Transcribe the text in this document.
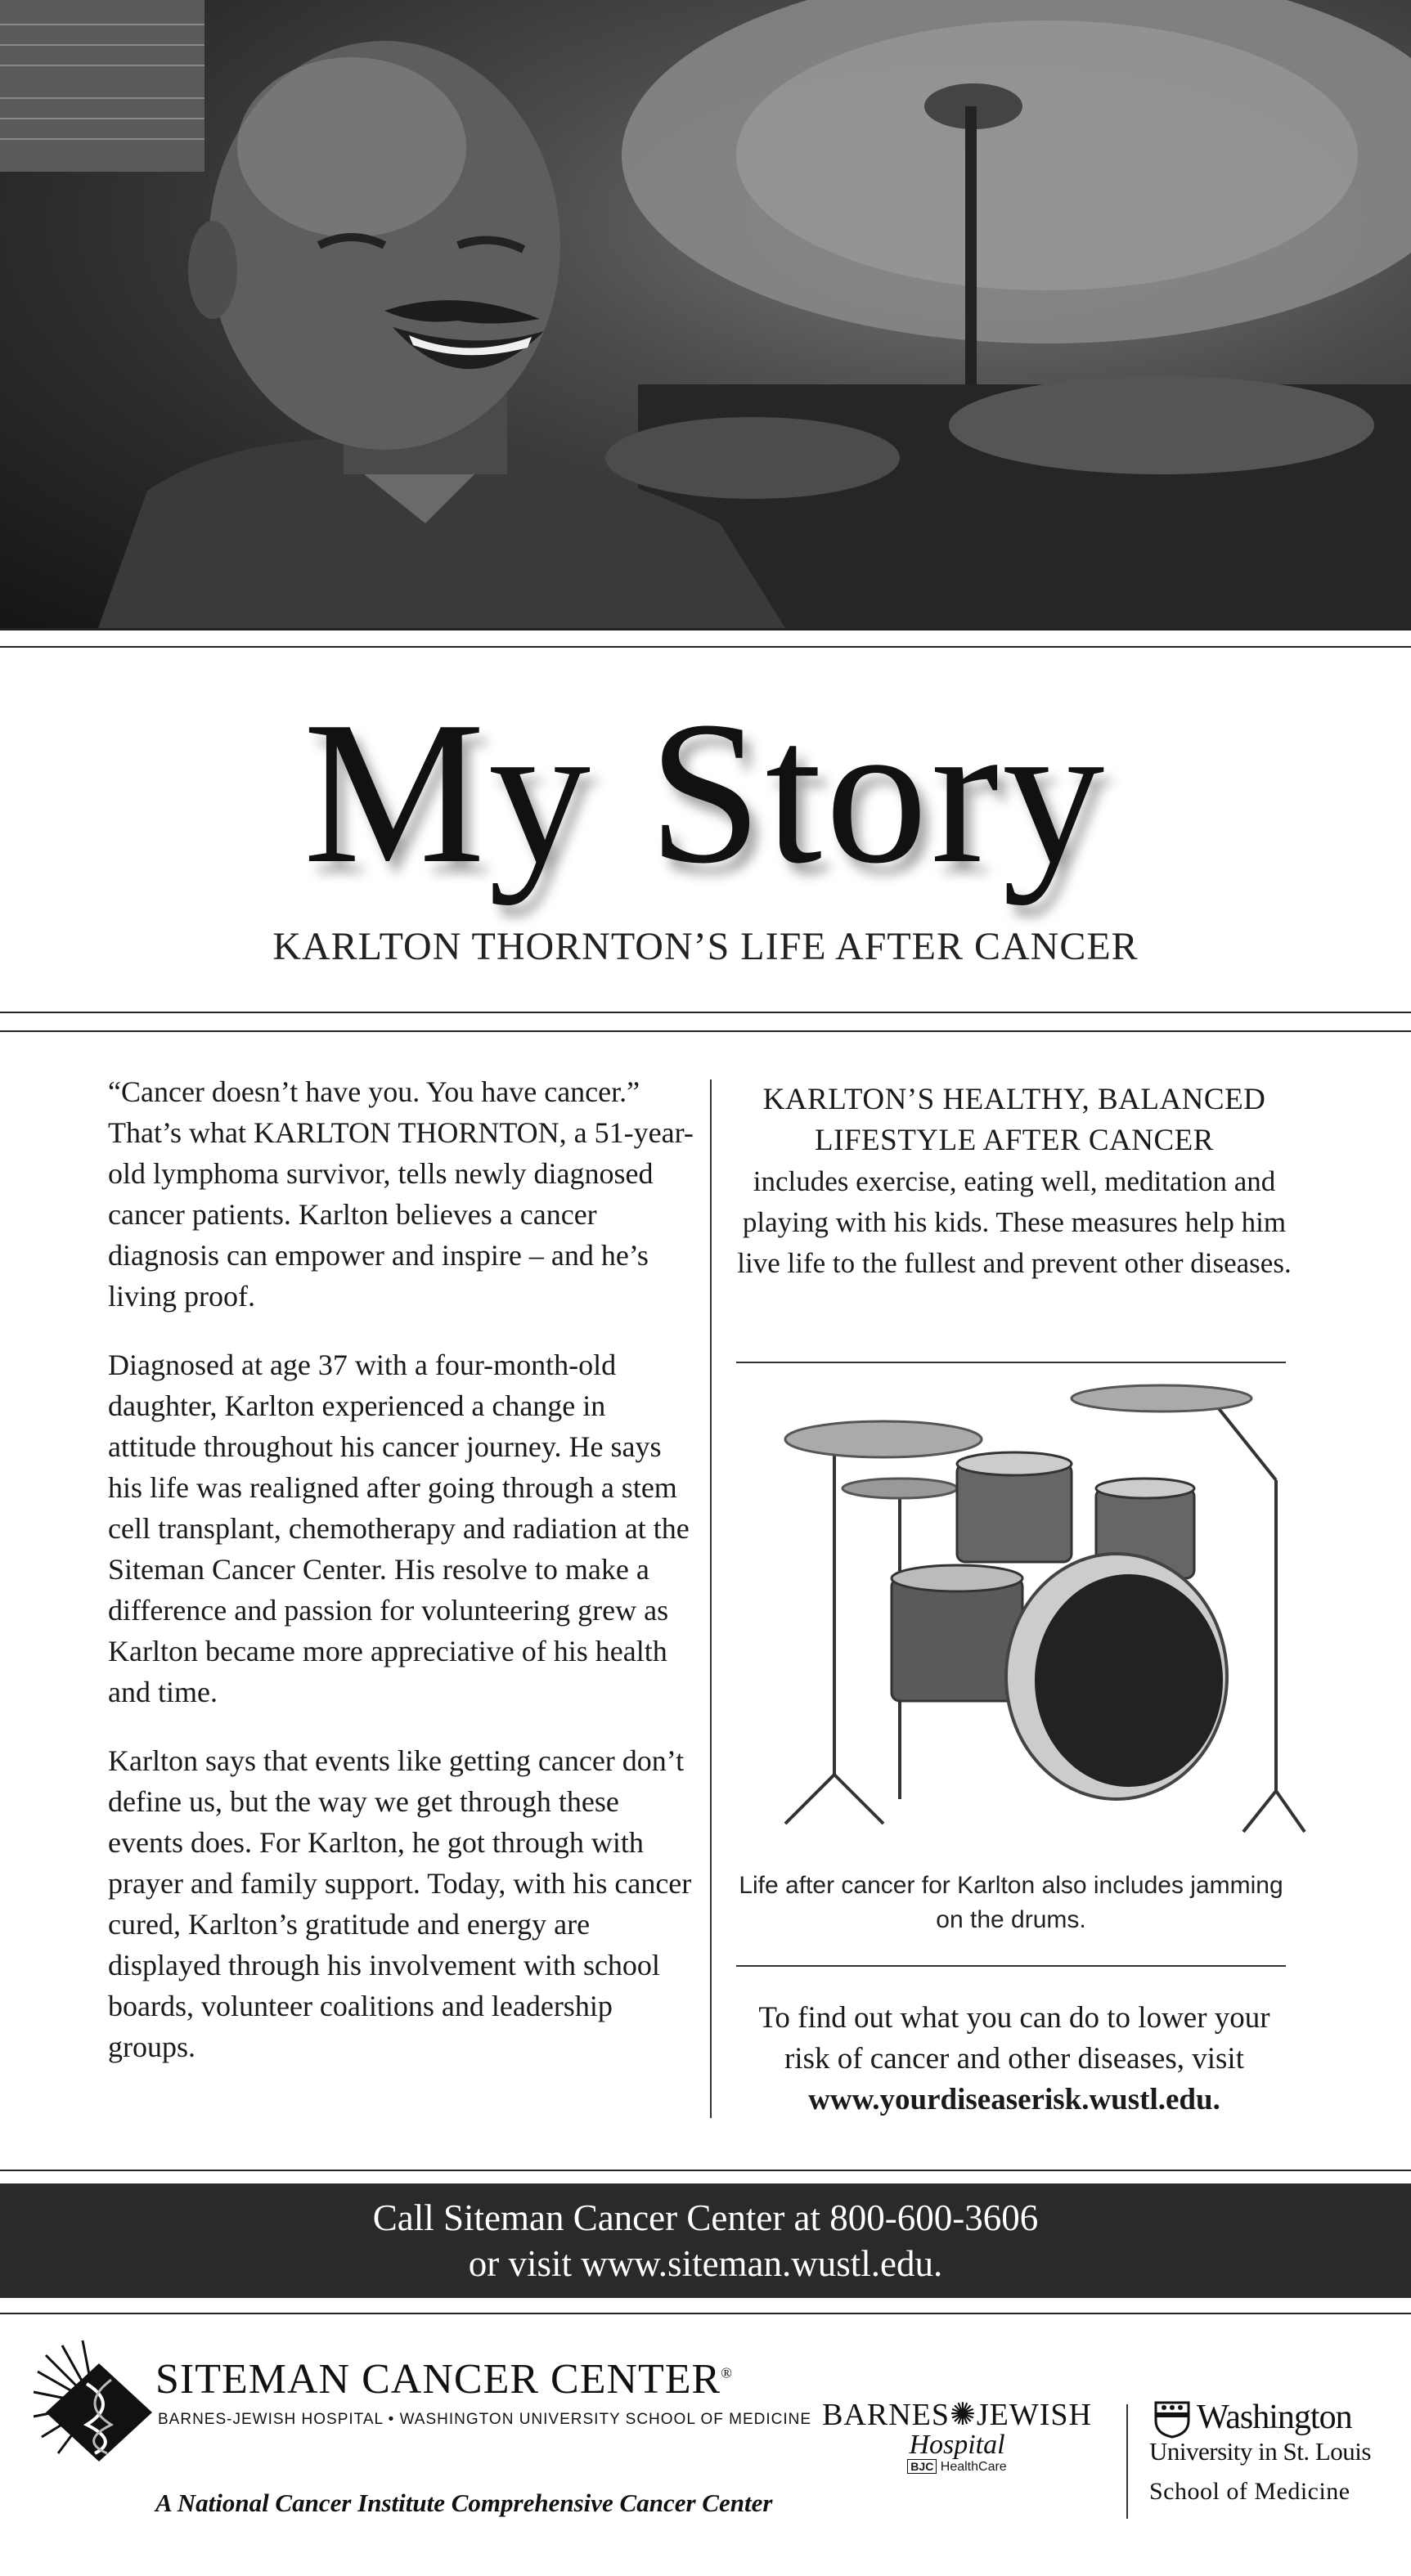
My Story
KARLTON THORNTON’S LIFE AFTER CANCER

“Cancer doesn’t have you. You have cancer.” That’s what KARLTON THORNTON, a 51-year-old lymphoma survivor, tells newly diagnosed cancer patients. Karlton believes a cancer diagnosis can empower and inspire – and he’s living proof.

Diagnosed at age 37 with a four-month-old daughter, Karlton experienced a change in attitude throughout his cancer journey. He says his life was realigned after going through a stem cell transplant, chemotherapy and radiation at the Siteman Cancer Center. His resolve to make a difference and passion for volunteering grew as Karlton became more appreciative of his health and time.

Karlton says that events like getting cancer don’t define us, but the way we get through these events does. For Karlton, he got through with prayer and family support. Today, with his cancer cured, Karlton’s gratitude and energy are displayed through his involvement with school boards, volunteer coalitions and leadership groups.

KARLTON’S HEALTHY, BALANCED LIFESTYLE AFTER CANCER

includes exercise, eating well, meditation and playing with his kids. These measures help him live life to the fullest and prevent other diseases.

Life after cancer for Karlton also includes jamming on the drums.
To find out what you can do to lower your risk of cancer and other diseases, visit
www.yourdiseaserisk.wustl.edu.
Call Siteman Cancer Center at 800-600-3606
or visit www.siteman.wustl.edu.
SITEMAN CANCER CENTER®
BARNES-JEWISH HOSPITAL • WASHINGTON UNIVERSITY SCHOOL OF MEDICINE
A National Cancer Institute Comprehensive Cancer Center
BARNES✺JEWISH
Hospital
BJC HealthCare
Washington
University in St. Louis
School of Medicine
